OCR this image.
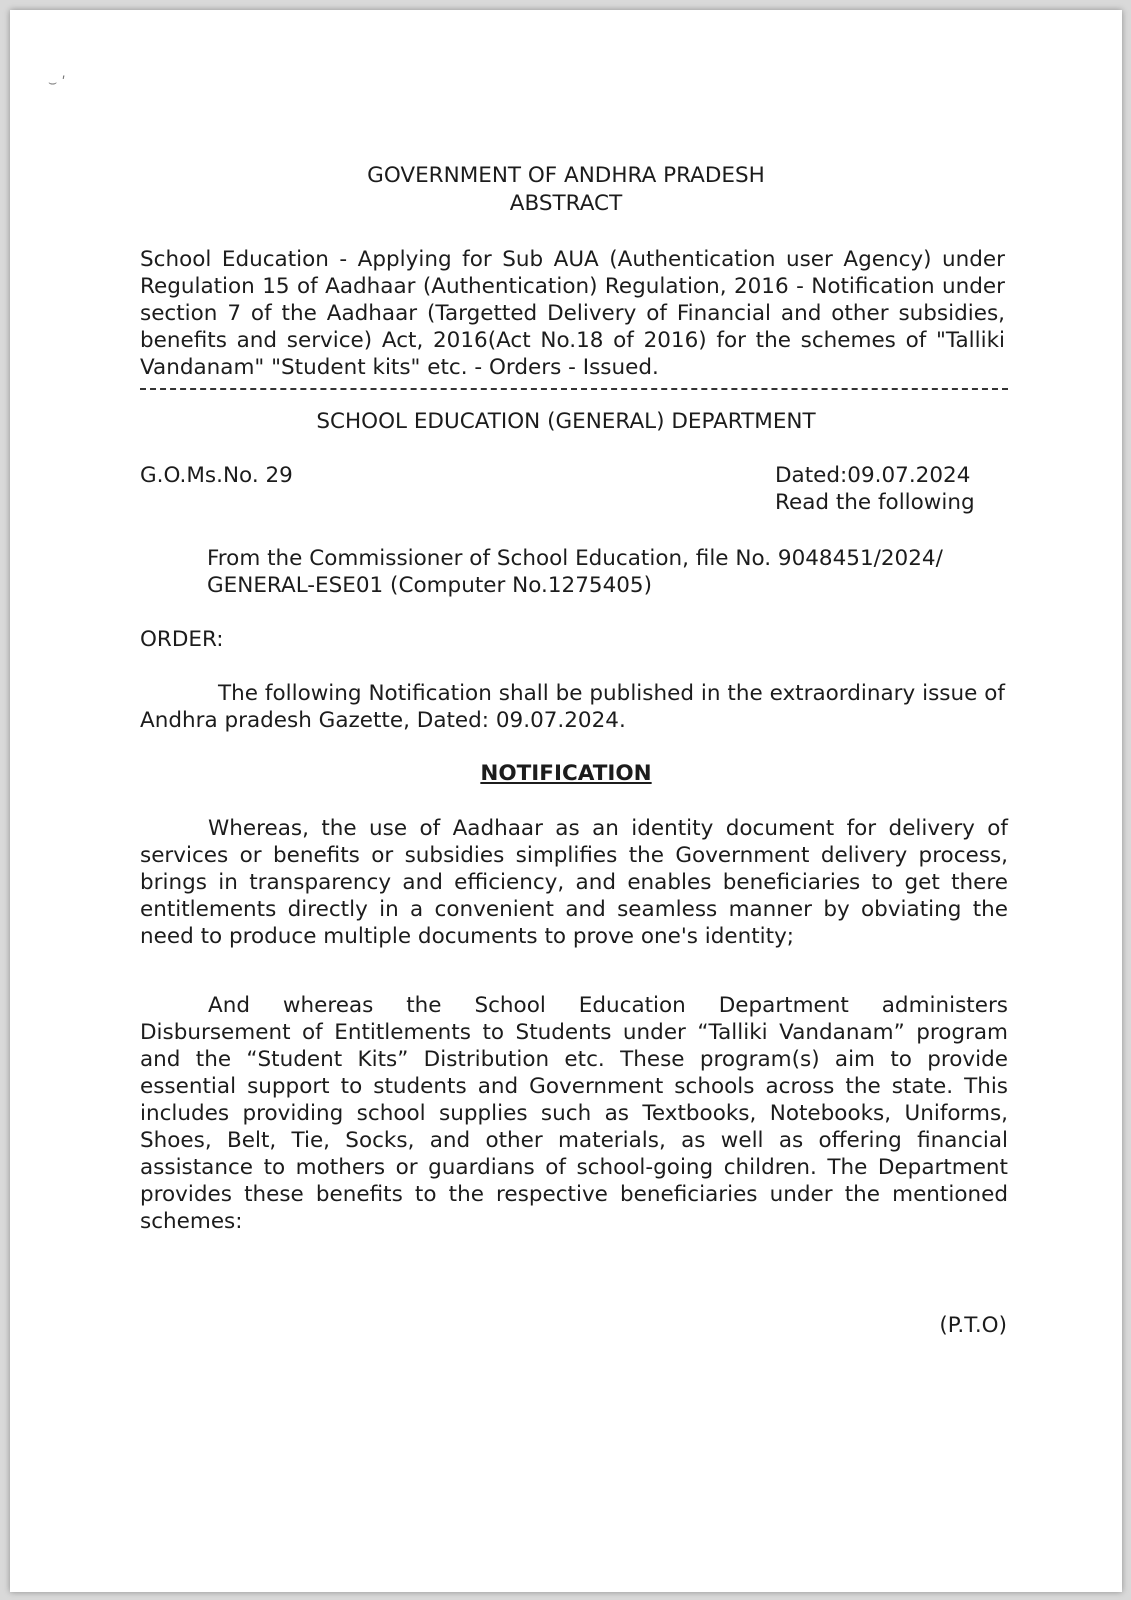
⌣ ʹ
GOVERNMENT OF ANDHRA PRADESH
ABSTRACT
School Education - Applying for Sub AUA (Authentication user Agency) under Regulation 15 of Aadhaar (Authentication) Regulation, 2016 - Notification under section 7 of the Aadhaar (Targetted Delivery of Financial and other subsidies, benefits and service) Act, 2016(Act No.18 of 2016) for the schemes of "Talliki Vandanam" "Student kits" etc. - Orders - Issued.
SCHOOL EDUCATION (GENERAL) DEPARTMENT
G.O.Ms.No. 29	Dated:09.07.2024
Read the following
From the Commissioner of School Education, file No. 9048451/2024/ GENERAL-ESE01 (Computer No.1275405)
ORDER:
The following Notification shall be published in the extraordinary issue of Andhra pradesh Gazette, Dated: 09.07.2024.
NOTIFICATION
Whereas, the use of Aadhaar as an identity document for delivery of services or benefits or subsidies simplifies the Government delivery process, brings in transparency and efficiency, and enables beneficiaries to get there entitlements directly in a convenient and seamless manner by obviating the need to produce multiple documents to prove one's identity;
And whereas the School Education Department administers Disbursement of Entitlements to Students under “Talliki Vandanam” program and the “Student Kits” Distribution etc. These program(s) aim to provide essential support to students and Government schools across the state. This includes providing school supplies such as Textbooks, Notebooks, Uniforms, Shoes, Belt, Tie, Socks, and other materials, as well as offering financial assistance to mothers or guardians of school-going children. The Department provides these benefits to the respective beneficiaries under the mentioned schemes:
(P.T.O)
